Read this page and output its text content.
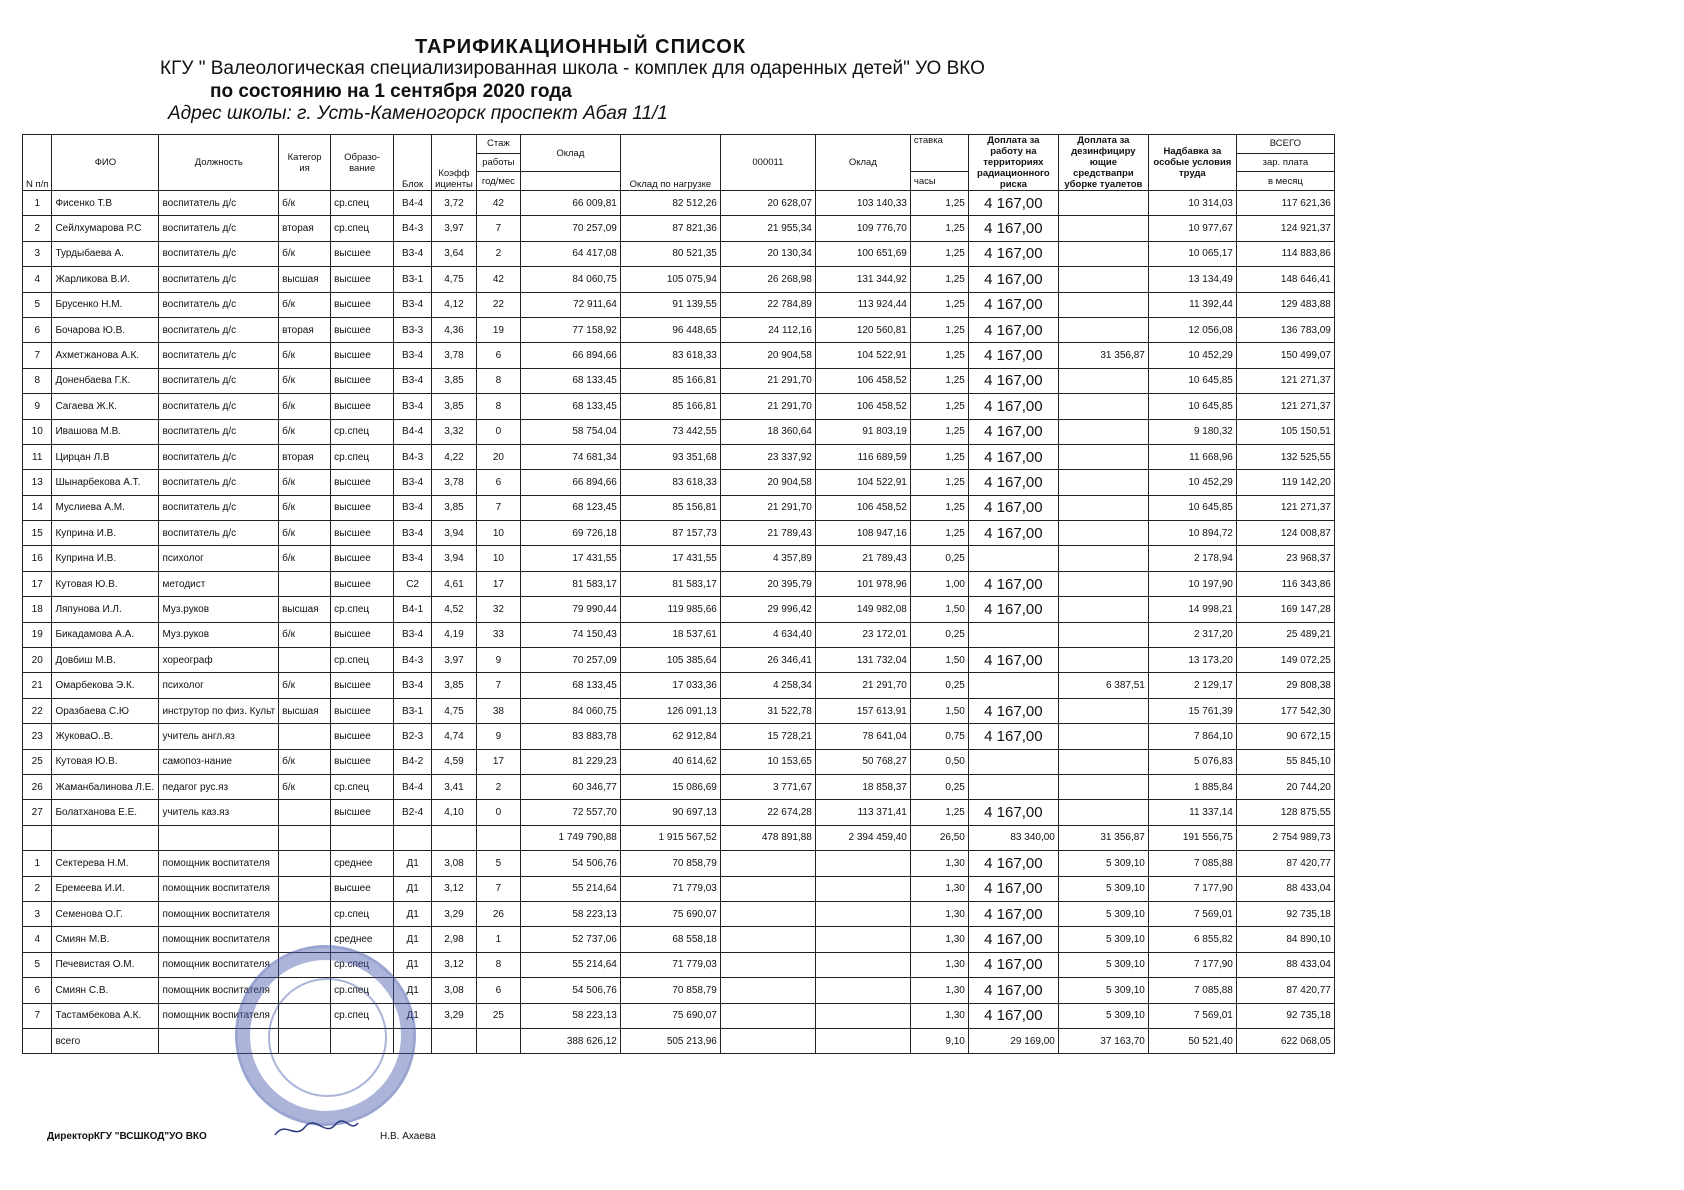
ТАРИФИКАЦИОННЫЙ СПИСОК
КГУ " Валеологическая специализированная школа - комплек для одаренных детей" УО ВКО
по состоянию на 1 сентября 2020 года
Адрес школы: г. Усть-Каменогорск проспект Абая 11/1
N п/п	ФИО	Должность	Категор ия	Образо- вание	Блок	Коэфф ициенты	Стаж	Оклад	Оклад по нагрузке	000011	Оклад	ставка	Доплата за работу на территориях радиационного риска	Доплата за дезинфициру ющие средствапри уборке туалетов	Надбавка за особые условия труда	ВСЕГО
							работы									зар. плата
							год/мес					часы				в месяц
1	Фисенко Т.В	воспитатель д/с	б/к	ср.спец	В4-4	3,72	42	66 009,81	82 512,26	20 628,07	103 140,33	1,25	4 167,00		10 314,03	117 621,36
2	Сейлхумарова Р.С	воспитатель д/с	вторая	ср.спец	В4-3	3,97	7	70 257,09	87 821,36	21 955,34	109 776,70	1,25	4 167,00		10 977,67	124 921,37
3	Турдыбаева А.	воспитатель д/с	б/к	высшее	В3-4	3,64	2	64 417,08	80 521,35	20 130,34	100 651,69	1,25	4 167,00		10 065,17	114 883,86
4	Жарликова В.И.	воспитатель д/с	высшая	высшее	В3-1	4,75	42	84 060,75	105 075,94	26 268,98	131 344,92	1,25	4 167,00		13 134,49	148 646,41
5	Брусенко Н.М.	воспитатель д/с	б/к	высшее	В3-4	4,12	22	72 911,64	91 139,55	22 784,89	113 924,44	1,25	4 167,00		11 392,44	129 483,88
6	Бочарова Ю.В.	воспитатель д/с	вторая	высшее	В3-3	4,36	19	77 158,92	96 448,65	24 112,16	120 560,81	1,25	4 167,00		12 056,08	136 783,09
7	Ахметжанова А.К.	воспитатель д/с	б/к	высшее	В3-4	3,78	6	66 894,66	83 618,33	20 904,58	104 522,91	1,25	4 167,00	31 356,87	10 452,29	150 499,07
8	Доненбаева Г.К.	воспитатель д/с	б/к	высшее	В3-4	3,85	8	68 133,45	85 166,81	21 291,70	106 458,52	1,25	4 167,00		10 645,85	121 271,37
9	Сагаева Ж.К.	воспитатель д/с	б/к	высшее	В3-4	3,85	8	68 133,45	85 166,81	21 291,70	106 458,52	1,25	4 167,00		10 645,85	121 271,37
10	Ивашова М.В.	воспитатель д/с	б/к	ср.спец	В4-4	3,32	0	58 754,04	73 442,55	18 360,64	91 803,19	1,25	4 167,00		9 180,32	105 150,51
11	Цирцан Л.В	воспитатель д/с	вторая	ср.спец	В4-3	4,22	20	74 681,34	93 351,68	23 337,92	116 689,59	1,25	4 167,00		11 668,96	132 525,55
13	Шынарбекова А.Т.	воспитатель д/с	б/к	высшее	В3-4	3,78	6	66 894,66	83 618,33	20 904,58	104 522,91	1,25	4 167,00		10 452,29	119 142,20
14	Муслиева А.М.	воспитатель д/с	б/к	высшее	В3-4	3,85	7	68 123,45	85 156,81	21 291,70	106 458,52	1,25	4 167,00		10 645,85	121 271,37
15	Куприна И.В.	воспитатель д/с	б/к	высшее	В3-4	3,94	10	69 726,18	87 157,73	21 789,43	108 947,16	1,25	4 167,00		10 894,72	124 008,87
16	Куприна И.В.	психолог	б/к	высшее	В3-4	3,94	10	17 431,55	17 431,55	4 357,89	21 789,43	0,25			2 178,94	23 968,37
17	Кутовая Ю.В.	методист		высшее	С2	4,61	17	81 583,17	81 583,17	20 395,79	101 978,96	1,00	4 167,00		10 197,90	116 343,86
18	Ляпунова И.Л.	Муз.руков	высшая	ср.спец	В4-1	4,52	32	79 990,44	119 985,66	29 996,42	149 982,08	1,50	4 167,00		14 998,21	169 147,28
19	Бикадамова А.А.	Муз.руков	б/к	высшее	В3-4	4,19	33	74 150,43	18 537,61	4 634,40	23 172,01	0,25			2 317,20	25 489,21
20	Довбиш М.В.	хореограф		ср.спец	В4-3	3,97	9	70 257,09	105 385,64	26 346,41	131 732,04	1,50	4 167,00		13 173,20	149 072,25
21	Омарбекова Э.К.	психолог	б/к	высшее	В3-4	3,85	7	68 133,45	17 033,36	4 258,34	21 291,70	0,25		6 387,51	2 129,17	29 808,38
22	Оразбаева С.Ю	инструтор по физ. Культ	высшая	высшее	В3-1	4,75	38	84 060,75	126 091,13	31 522,78	157 613,91	1,50	4 167,00		15 761,39	177 542,30
23	ЖуковаО..В.	учитель англ.яз		высшее	В2-3	4,74	9	83 883,78	62 912,84	15 728,21	78 641,04	0,75	4 167,00		7 864,10	90 672,15
25	Кутовая Ю.В.	самопоз-нание	б/к	высшее	В4-2	4,59	17	81 229,23	40 614,62	10 153,65	50 768,27	0,50			5 076,83	55 845,10
26	Жаманбалинова Л.Е.	педагог рус.яз	б/к	ср.спец	В4-4	3,41	2	60 346,77	15 086,69	3 771,67	18 858,37	0,25			1 885,84	20 744,20
27	Болатханова Е.Е.	учитель каз.яз		высшее	В2-4	4,10	0	72 557,70	90 697,13	22 674,28	113 371,41	1,25	4 167,00		11 337,14	128 875,55
								1 749 790,88	1 915 567,52	478 891,88	2 394 459,40	26,50	83 340,00	31 356,87	191 556,75	2 754 989,73
1	Сектерева Н.М.	помощник воспитателя		среднее	Д1	3,08	5	54 506,76	70 858,79			1,30	4 167,00	5 309,10	7 085,88	87 420,77
2	Еремеева И.И.	помощник воспитателя		высшее	Д1	3,12	7	55 214,64	71 779,03			1,30	4 167,00	5 309,10	7 177,90	88 433,04
3	Семенова О.Г.	помощник воспитателя		ср.спец	Д1	3,29	26	58 223,13	75 690,07			1,30	4 167,00	5 309,10	7 569,01	92 735,18
4	Смиян М.В.	помощник воспитателя		среднее	Д1	2,98	1	52 737,06	68 558,18			1,30	4 167,00	5 309,10	6 855,82	84 890,10
5	Печевистая О.М.	помощник воспитателя		ср.спец	Д1	3,12	8	55 214,64	71 779,03			1,30	4 167,00	5 309,10	7 177,90	88 433,04
6	Смиян С.В.	помощник воспитателя		ср.спец	Д1	3,08	6	54 506,76	70 858,79			1,30	4 167,00	5 309,10	7 085,88	87 420,77
7	Тастамбекова А.К.	помощник воспитателя		ср.спец	Д1	3,29	25	58 223,13	75 690,07			1,30	4 167,00	5 309,10	7 569,01	92 735,18
	всего							388 626,12	505 213,96			9,10	29 169,00	37 163,70	50 521,40	622 068,05
ДиректорКГУ "ВСШКОД"УО ВКО	Н.В. Ахаева
